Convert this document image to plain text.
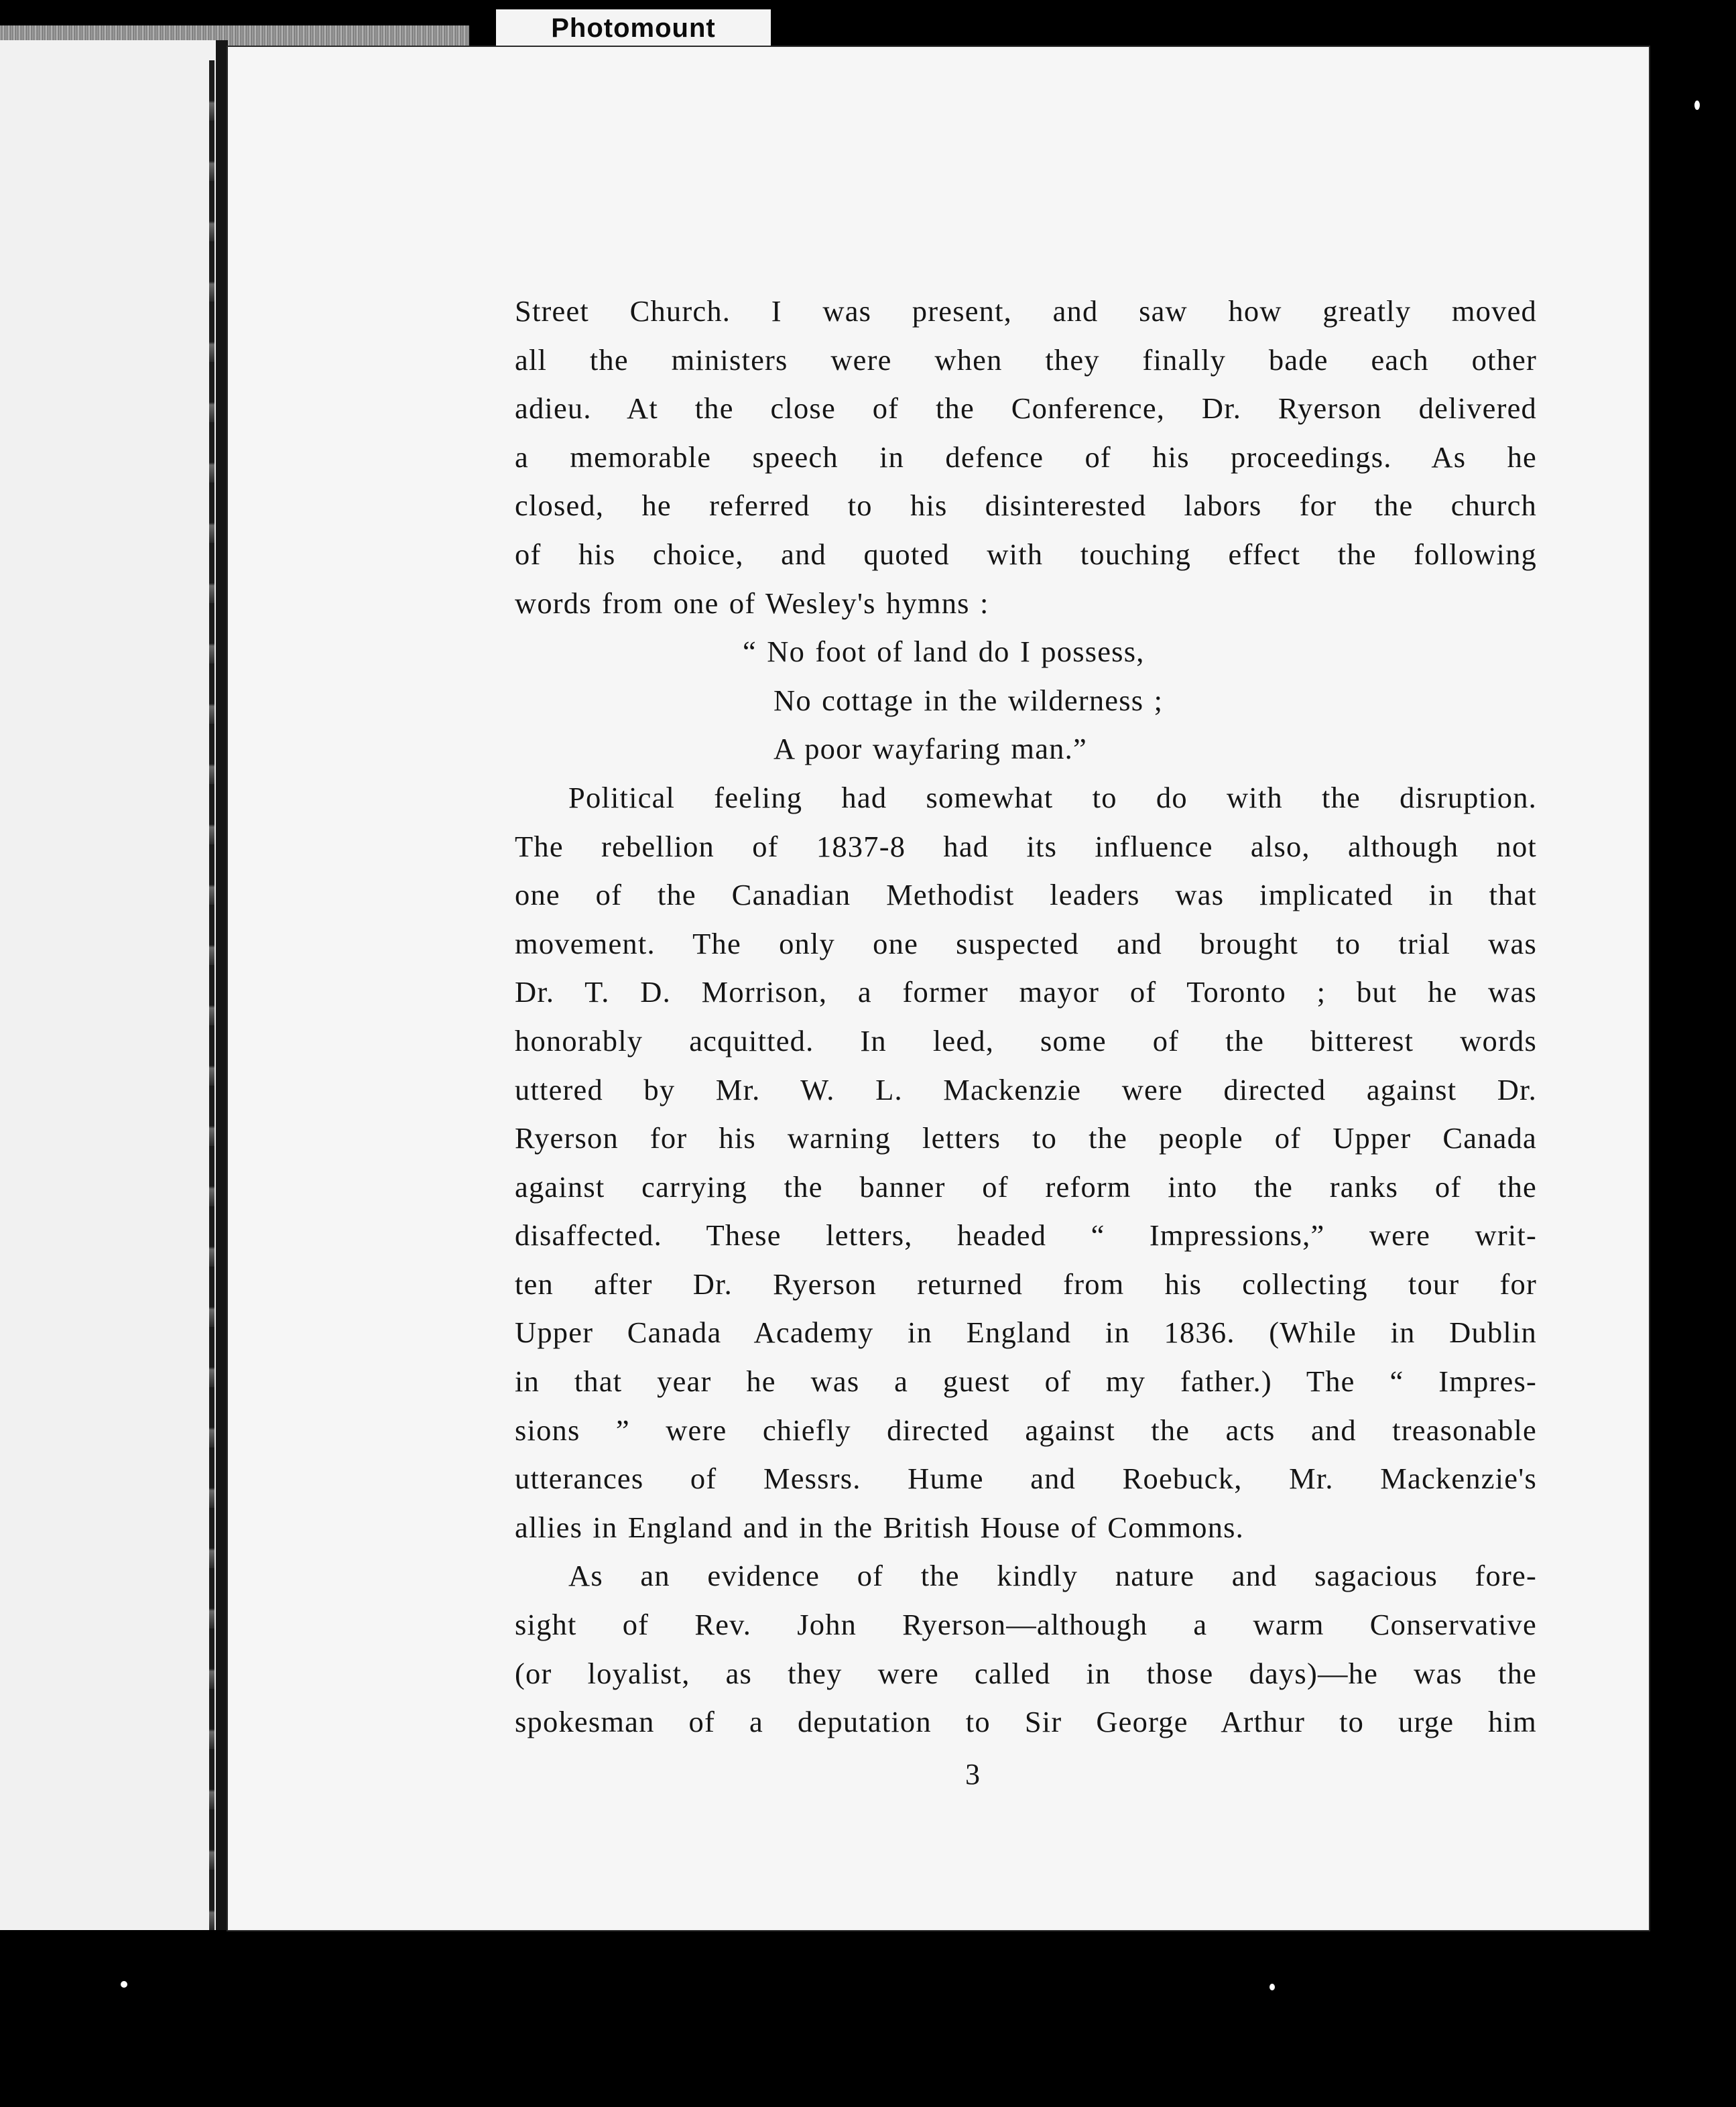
Photomount
Street Church. I was present, and saw how greatly moved
all the ministers were when they finally bade each other
adieu. At the close of the Conference, Dr. Ryerson delivered
a memorable speech in defence of his proceedings. As he
closed, he referred to his disinterested labors for the church
of his choice, and quoted with touching effect the following
words from one of Wesley's hymns :
“ No foot of land do I possess,
No cottage in the wilderness ;
A poor wayfaring man.”
Political feeling had somewhat to do with the disruption.
The rebellion of 1837-8 had its influence also, although not
one of the Canadian Methodist leaders was implicated in that
movement. The only one suspected and brought to trial was
Dr. T. D. Morrison, a former mayor of Toronto ; but he was
honorably acquitted. In leed, some of the bitterest words
uttered by Mr. W. L. Mackenzie were directed against Dr.
Ryerson for his warning letters to the people of Upper Canada
against carrying the banner of reform into the ranks of the
disaffected. These letters, headed “ Impressions,” were writ-
ten after Dr. Ryerson returned from his collecting tour for
Upper Canada Academy in England in 1836. (While in Dublin
in that year he was a guest of my father.) The “ Impres-
sions ” were chiefly directed against the acts and treasonable
utterances of Messrs. Hume and Roebuck, Mr. Mackenzie's
allies in England and in the British House of Commons.
As an evidence of the kindly nature and sagacious fore-
sight of Rev. John Ryerson—although a warm Conservative
(or loyalist, as they were called in those days)—he was the
spokesman of a deputation to Sir George Arthur to urge him
3
